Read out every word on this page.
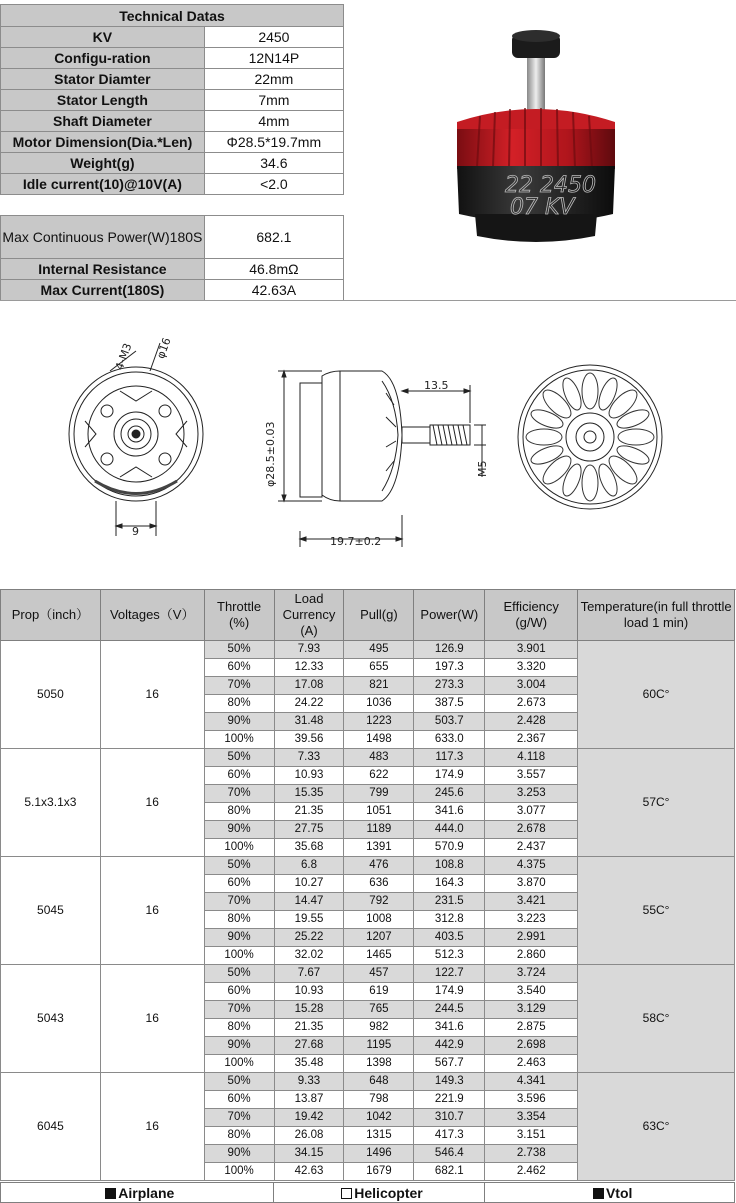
Technical Datas	
KV	2450
Configu-ration	12N14P
Stator Diamter	22mm
Stator Length	7mm
Shaft Diameter	4mm
Motor Dimension(Dia.*Len)	Φ28.5*19.7mm
Weight(g)	34.6
Idle current(10)@10V(A)	<2.0

Max Continuous Power(W)180S	682.1
Internal Resistance	46.8mΩ
Max Current(180S)	42.63A
22 2450
07 KV
4-M3 φ16
9
19.7±0.2
13.5
M5
φ28.5±0.03
Prop（inch）	Voltages（V）	Throttle (%)	Load Currency (A)	Pull(g)	Power(W)	Efficiency (g/W)	Temperature(in full throttle load 1 min)
5050	16	50%	7.93	495	126.9	3.901	60C°
		60%	12.33	655	197.3	3.320	
		70%	17.08	821	273.3	3.004	
		80%	24.22	1036	387.5	2.673	
		90%	31.48	1223	503.7	2.428	
		100%	39.56	1498	633.0	2.367	
5.1x3.1x3	16	50%	7.33	483	117.3	4.118	57C°
		60%	10.93	622	174.9	3.557	
		70%	15.35	799	245.6	3.253	
		80%	21.35	1051	341.6	3.077	
		90%	27.75	1189	444.0	2.678	
		100%	35.68	1391	570.9	2.437	
5045	16	50%	6.8	476	108.8	4.375	55C°
		60%	10.27	636	164.3	3.870	
		70%	14.47	792	231.5	3.421	
		80%	19.55	1008	312.8	3.223	
		90%	25.22	1207	403.5	2.991	
		100%	32.02	1465	512.3	2.860	
5043	16	50%	7.67	457	122.7	3.724	58C°
		60%	10.93	619	174.9	3.540	
		70%	15.28	765	244.5	3.129	
		80%	21.35	982	341.6	2.875	
		90%	27.68	1195	442.9	2.698	
		100%	35.48	1398	567.7	2.463	
6045	16	50%	9.33	648	149.3	4.341	63C°
		60%	13.87	798	221.9	3.596	
		70%	19.42	1042	310.7	3.354	
		80%	26.08	1315	417.3	3.151	
		90%	34.15	1496	546.4	2.738	
		100%	42.63	1679	682.1	2.462	
Airplane	Helicopter	Vtol
